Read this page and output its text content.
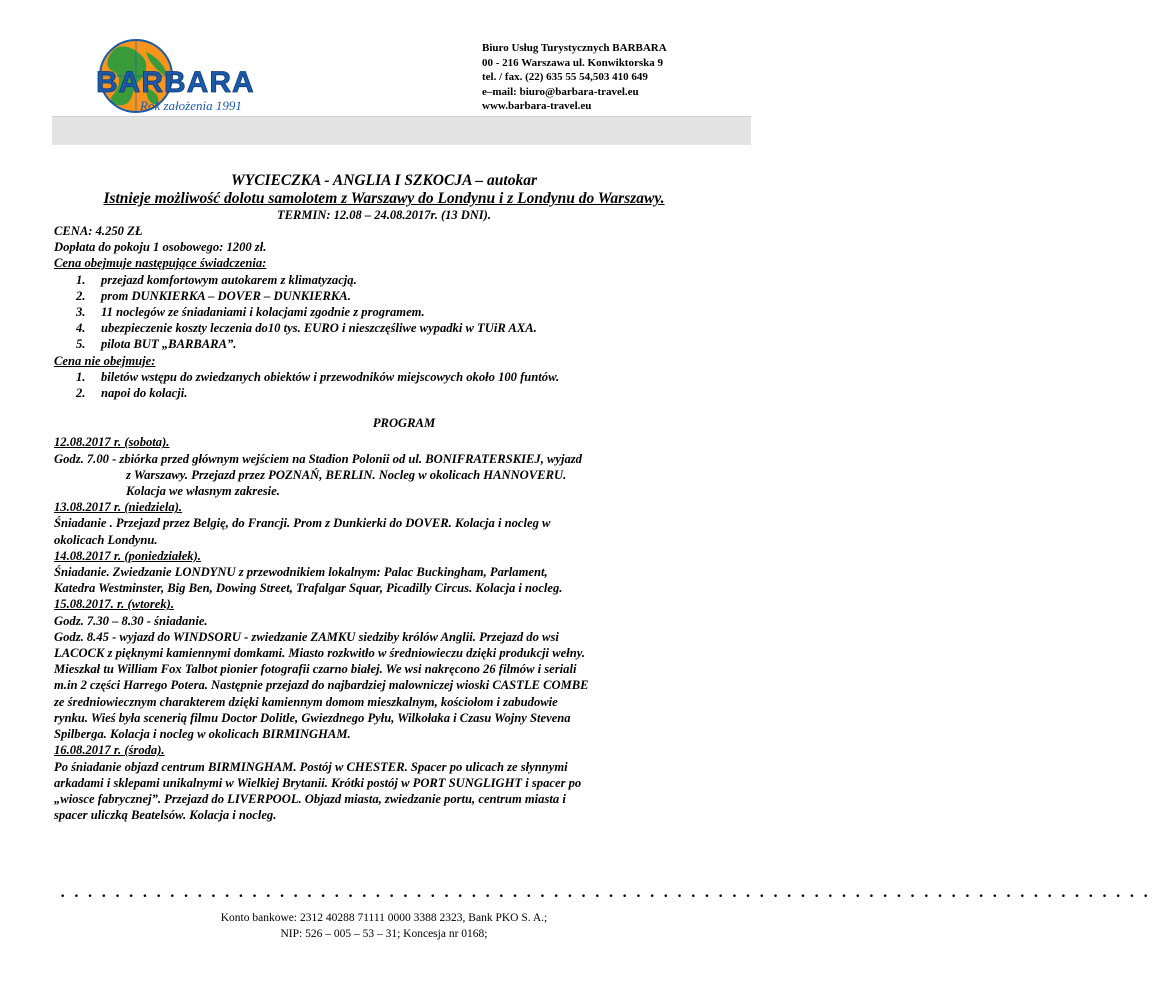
BARBARA
Rok założenia 1991
Biuro Usług Turystycznych BARBARA
00 - 216 Warszawa ul. Konwiktorska 9
tel. / fax. (22) 635 55 54,503 410 649
e–mail: biuro@barbara-travel.eu
www.barbara-travel.eu
WYCIECZKA - ANGLIA I SZKOCJA – autokar
Istnieje możliwość dolotu samolotem z Warszawy do Londynu i z Londynu do Warszawy.
TERMIN: 12.08 – 24.08.2017r. (13 DNI).

CENA: 4.250 ZŁ

Dopłata do pokoju 1 osobowego: 1200 zł.

Cena obejmuje następujące świadczenia:

1. przejazd komfortowym autokarem z klimatyzacją.
2. prom DUNKIERKA – DOVER – DUNKIERKA.
3. 11 noclegów ze śniadaniami i kolacjami zgodnie z programem.
4. ubezpieczenie koszty leczenia do10 tys. EURO i nieszczęśliwe wypadki w TUiR AXA.
5. pilota BUT „BARBARA”.

Cena nie obejmuje:

1. biletów wstępu do zwiedzanych obiektów i przewodników miejscowych około 100 funtów.
2. napoi do kolacji.

PROGRAM

12.08.2017 r. (sobota).

Godz. 7.00 - zbiórka przed głównym wejściem na Stadion Polonii od ul. BONIFRATERSKIEJ, wyjazd

z Warszawy. Przejazd przez POZNAŃ, BERLIN. Nocleg w okolicach HANNOVERU.

Kolacja we własnym zakresie.

13.08.2017 r. (niedziela).

Śniadanie . Przejazd przez Belgię, do Francji. Prom z Dunkierki do DOVER. Kolacja i nocleg w

okolicach Londynu.

14.08.2017 r. (poniedziałek).

Śniadanie. Zwiedzanie LONDYNU z przewodnikiem lokalnym: Palac Buckingham, Parlament,

Katedra Westminster, Big Ben, Dowing Street, Trafalgar Squar, Picadilly Circus. Kolacja i nocleg.

15.08.2017. r. (wtorek).

Godz. 7.30 – 8.30 - śniadanie.

Godz. 8.45 - wyjazd do WINDSORU - zwiedzanie ZAMKU siedziby królów Anglii. Przejazd do wsi

LACOCK z pięknymi kamiennymi domkami. Miasto rozkwitło w średniowieczu dzięki produkcji wełny.

Mieszkał tu William Fox Talbot pionier fotografii czarno białej. We wsi nakręcono 26 filmów i seriali

m.in 2 części Harrego Potera. Następnie przejazd do najbardziej malowniczej wioski CASTLE COMBE

ze średniowiecznym charakterem dzięki kamiennym domom mieszkalnym, kościołom i zabudowie

rynku. Wieś była scenerią filmu Doctor Dolitle, Gwiezdnego Pyłu, Wilkołaka i Czasu Wojny Stevena

Spilberga. Kolacja i nocleg w okolicach BIRMINGHAM.

16.08.2017 r. (środa).

Po śniadanie objazd centrum BIRMINGHAM. Postój w CHESTER. Spacer po ulicach ze słynnymi

arkadami i sklepami unikalnymi w Wielkiej Brytanii. Krótki postój w PORT SUNGLIGHT i spacer po

„wiosce fabrycznej”. Przejazd do LIVERPOOL. Objazd miasta, zwiedzanie portu, centrum miasta i

spacer uliczką Beatelsów. Kolacja i nocleg.

••••••••••••••••••••••••••••••••••••••••••••••••••••••••••••••••••••••••••••••••
Konto bankowe: 2312 40288 71111 0000 3388 2323, Bank PKO S. A.;
NIP: 526 – 005 – 53 – 31; Koncesja nr 0168;
